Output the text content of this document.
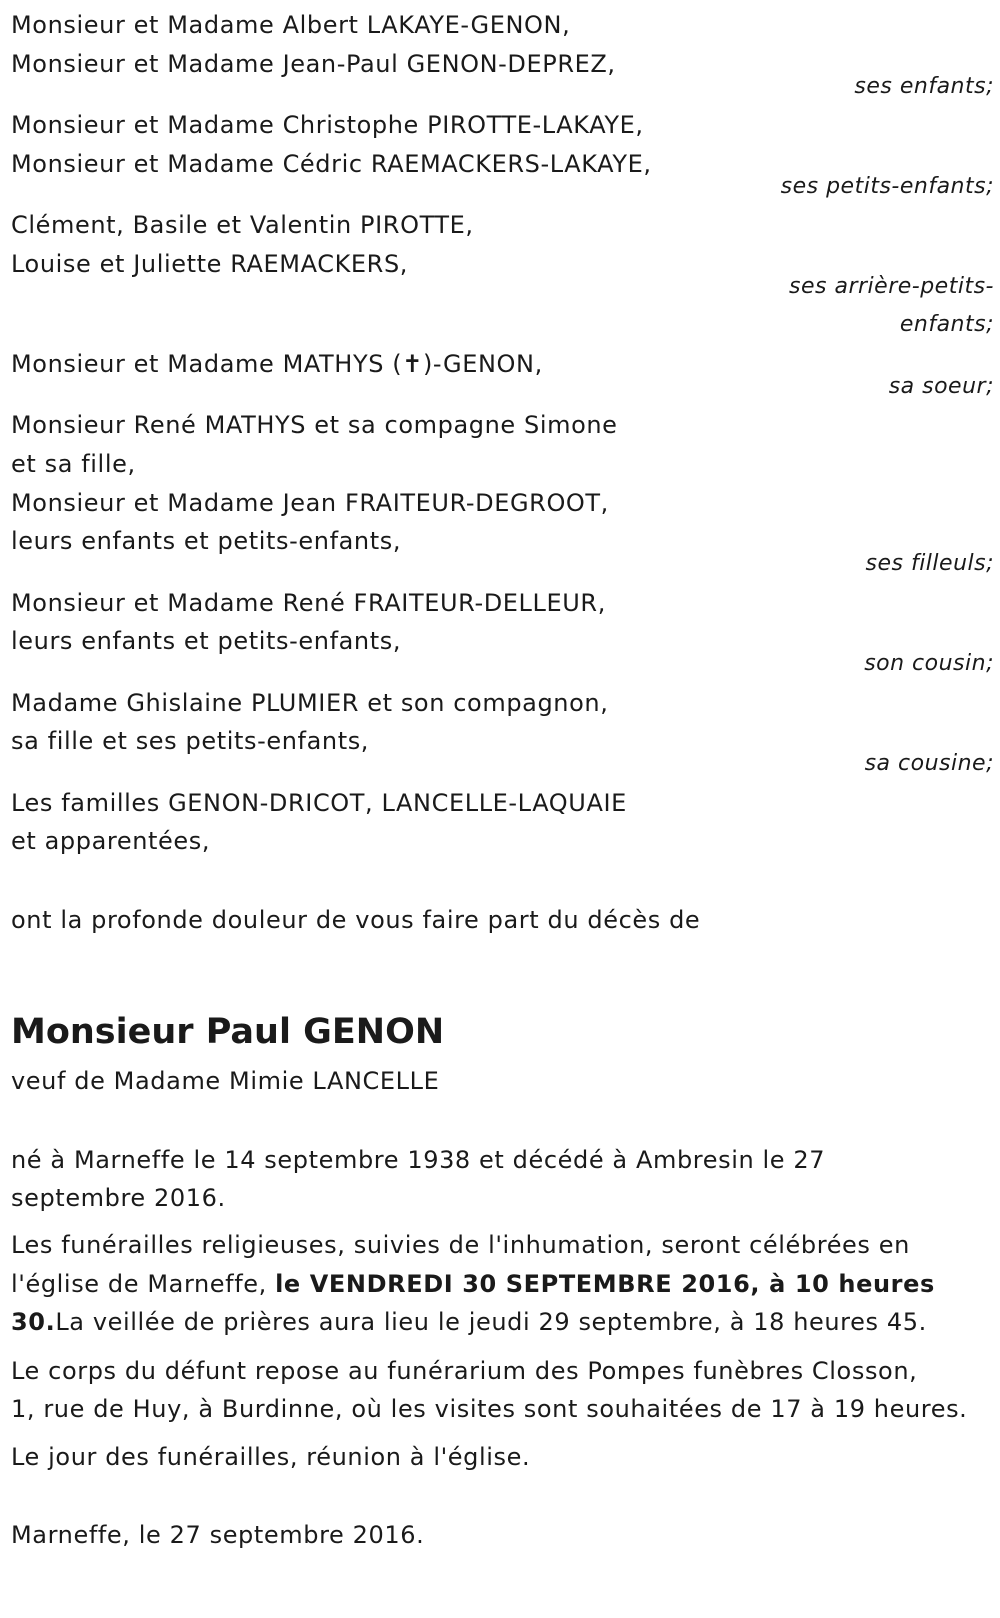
Monsieur et Madame Albert LAKAYE-GENON,
Monsieur et Madame Jean-Paul GENON-DEPREZ,
ses enfants;
Monsieur et Madame Christophe PIROTTE-LAKAYE,
Monsieur et Madame Cédric RAEMACKERS-LAKAYE,
ses petits-enfants;
Clément, Basile et Valentin PIROTTE,
Louise et Juliette RAEMACKERS,
ses arrière-petits-
enfants;
Monsieur et Madame MATHYS (✝)-GENON,
sa soeur;
Monsieur René MATHYS et sa compagne Simone
et sa fille,
Monsieur et Madame Jean FRAITEUR-DEGROOT,
leurs enfants et petits-enfants,
ses filleuls;
Monsieur et Madame René FRAITEUR-DELLEUR,
leurs enfants et petits-enfants,
son cousin;
Madame Ghislaine PLUMIER et son compagnon,
sa fille et ses petits-enfants,
sa cousine;
Les familles GENON-DRICOT, LANCELLE-LAQUAIE
et apparentées,
ont la profonde douleur de vous faire part du décès de
Monsieur Paul GENON
veuf de Madame Mimie LANCELLE
né à Marneffe le 14 septembre 1938 et décédé à Ambresin le 27
septembre 2016.
Les funérailles religieuses, suivies de l'inhumation, seront célébrées en
l'église de Marneffe, le VENDREDI 30 SEPTEMBRE 2016, à 10 heures
30.La veillée de prières aura lieu le jeudi 29 septembre, à 18 heures 45.
Le corps du défunt repose au funérarium des Pompes funèbres Closson,
1, rue de Huy, à Burdinne, où les visites sont souhaitées de 17 à 19 heures.
Le jour des funérailles, réunion à l'église.
Marneffe, le 27 septembre 2016.
